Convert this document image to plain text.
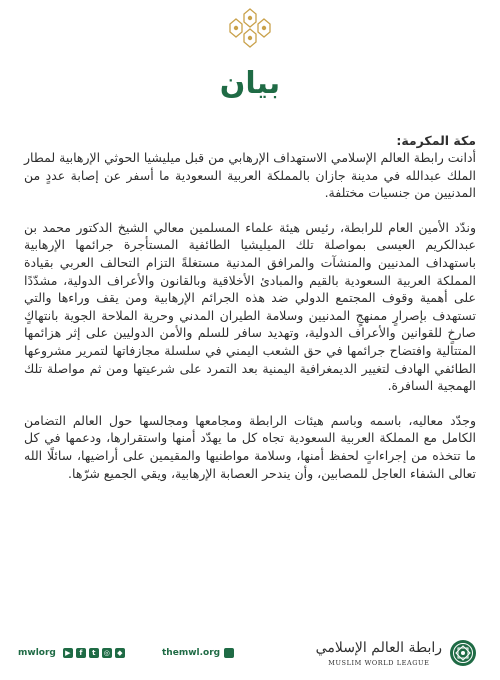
بيان

مكة المكرمة:

أدانت رابطة العالم الإسلامي الاستهداف الإرهابي من قبل ميليشيا الحوثي الإرهابية لمطار الملك عبدالله في مدينة جازان بالمملكة العربية السعودية ما أسفر عن إصابة عددٍ من المدنيين من جنسيات مختلفة.

وندّد الأمين العام للرابطة، رئيس هيئة علماء المسلمين معالي الشيخ الدكتور محمد بن عبدالكريم العيسى بمواصلة تلك الميليشيا الطائفية المستأجرة جرائمها الإرهابية باستهداف المدنيين والمنشآت والمرافق المدنية مستغلةً التزام التحالف العربي بقيادة المملكة العربية السعودية بالقيم والمبادئ الأخلاقية وبالقانون والأعراف الدولية، مشدّدًا على أهمية وقوف المجتمع الدولي ضد هذه الجرائم الإرهابية ومن يقف وراءها والتي تستهدف بإصرارٍ ممنهجٍ المدنيين وسلامة الطيران المدني وحرية الملاحة الجوية بانتهاكٍ صارخٍ للقوانين والأعراف الدولية، وتهديد سافر للسلم والأمن الدوليين على إثر هزائمها المتتالية وافتضاح جرائمها في حق الشعب اليمني في سلسلة مجازفاتها لتمرير مشروعها الطائفي الهادف لتغيير الديمغرافية اليمنية بعد التمرد على شرعيتها ومن ثم مواصلة تلك الهمجية السافرة.

وجدّد معاليه، باسمه وباسم هيئات الرابطة ومجامعها ومجالسها حول العالم التضامن الكامل مع المملكة العربية السعودية تجاه كل ما يهدّد أمنها واستقرارها، ودعمها في كل ما تتخذه من إجراءاتٍ لحفظ أمنها، وسلامة مواطنيها والمقيمين على أراضيها، سائلًا الله تعالى الشفاء العاجل للمصابين، وأن يندحر العصابة الإرهابية، ويقي الجميع شرّها.

mwlorg	▶	f	t	◎	◆	themwl.org	رابطة العالم الإسلامي
MUSLIM WORLD LEAGUE
